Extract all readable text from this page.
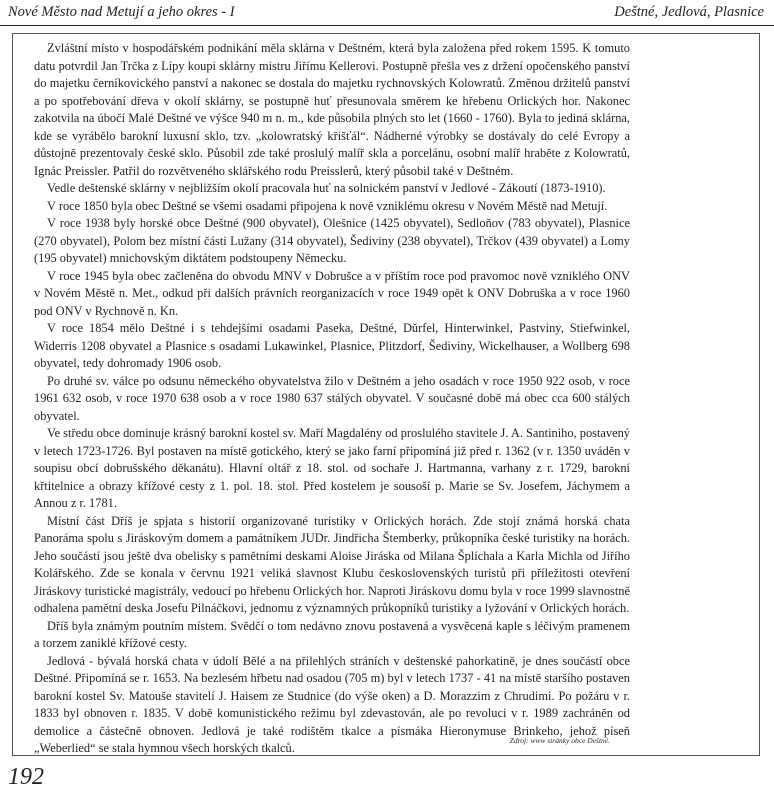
Nové Město nad Metují a jeho okres - I	Deštné, Jedlová, Plasnice

Zvláštní místo v hospodářském podnikání měla sklárna v Deštném, která byla založena před rokem 1595. K tomuto datu potvrdil Jan Trčka z Lípy koupi sklárny mistru Jiřímu Kellerovi. Postupně přešla ves z držení opočenského panství do majetku černíkovického panství a nakonec se dostala do majetku rychnovských Kolowratů. Změnou držitelů panství a po spotřebování dřeva v okolí sklárny, se postupně huť přesunovala směrem ke hřebenu Orlických hor. Nakonec zakotvila na úbočí Malé Deštné ve výšce 940 m n. m., kde působila plných sto let (1660 - 1760). Byla to jediná sklárna, kde se vyrábělo barokní luxusní sklo, tzv. „kolowratský křišťál“. Nádherné výrobky se dostávaly do celé Evropy a důstojně prezentovaly české sklo. Působil zde také proslulý malíř skla a porcelánu, osobní malíř hraběte z Kolowratů, Ignác Preissler. Patřil do rozvětveného sklářského rodu Preisslerů, který působil také v Deštném.

Vedle deštenské sklárny v nejbližším okolí pracovala huť na solnickém panství v Jedlové - Zákoutí (1873-1910).

V roce 1850 byla obec Deštné se všemi osadami připojena k nově vzniklému okresu v Novém Městě nad Metují.

V roce 1938 byly horské obce Deštné (900 obyvatel), Olešnice (1425 obyvatel), Sedloňov (783 obyvatel), Plasnice (270 obyvatel), Polom bez místní části Lužany (314 obyvatel), Šediviny (238 obyvatel), Trčkov (439 obyvatel) a Lomy (195 obyvatel) mnichovským diktátem podstoupeny Německu.

V roce 1945 byla obec začleněna do obvodu MNV v Dobrušce a v příštím roce pod pravomoc nově vzniklého ONV v Novém Městě n. Met., odkud při dalších právních reorganizacích v roce 1949 opět k ONV Dobruška a v roce 1960 pod ONV v Rychnově n. Kn.

V roce 1854 mělo Deštné i s tehdejšími osadami Paseka, Deštné, Dŭrfel, Hinterwinkel, Pastviny, Stiefwinkel, Widerris 1208 obyvatel a Plasnice s osadami Lukawinkel, Plasnice, Plitzdorf, Šediviny, Wickelhauser, a Wollberg 698 obyvatel, tedy dohromady 1906 osob.

Po druhé sv. válce po odsunu německého obyvatelstva žilo v Deštném a jeho osadách v roce 1950 922 osob, v roce 1961 632 osob, v roce 1970 638 osob a v roce 1980 637 stálých obyvatel. V současné době má obec cca 600 stálých obyvatel.

Ve středu obce dominuje krásný barokní kostel sv. Maří Magdalény od proslulého stavitele J. A. Santiniho, postavený v letech 1723-1726. Byl postaven na místě gotického, který se jako farní připomíná již před r. 1362 (v r. 1350 uváděn v soupisu obcí dobrušského děkanátu). Hlavní oltář z 18. stol. od sochaře J. Hartmanna, varhany z r. 1729, barokní křtitelnice a obrazy křížové cesty z 1. pol. 18. stol. Před kostelem je sousoší p. Marie se Sv. Josefem, Jáchymem a Annou z r. 1781.

Místní část Dříš je spjata s historií organizované turistiky v Orlických horách. Zde stojí známá horská chata Panoráma spolu s Jiráskovým domem a památníkem JUDr. Jindřicha Štemberky, průkopníka české turistiky na horách. Jeho součástí jsou ještě dva obelisky s pamětními deskami Aloise Jiráska od Milana Šplíchala a Karla Michla od Jiřího Kolářského. Zde se konala v červnu 1921 veliká slavnost Klubu československých turistů při příležitosti otevření Jiráskovy turistické magistrály, vedoucí po hřebenu Orlických hor. Naproti Jiráskovu domu byla v roce 1999 slavnostně odhalena pamětní deska Josefu Pilnáčkovi, jednomu z významných průkopníků turistiky a lyžování v Orlických horách.

Dříš byla známým poutním místem. Svědčí o tom nedávno znovu postavená a vysvěcená kaple s léčivým pramenem a torzem zaniklé křížové cesty.

Jedlová - bývalá horská chata v údolí Bělé a na přilehlých stráních v deštenské pahorkatině, je dnes součástí obce Deštné. Připomíná se r. 1653. Na bezlesém hřbetu nad osadou (705 m) byl v letech 1737 - 41 na místě staršího postaven barokní kostel Sv. Matouše stavitelí J. Haisem ze Studnice (do výše oken) a D. Morazzim z Chrudimi. Po požáru v r. 1833 byl obnoven r. 1835. V době komunistického režimu byl zdevastován, ale po revoluci v r. 1989 zachráněn od demolice a částečně obnoven. Jedlová je také rodištěm tkalce a písmáka Hieronymuse Brinkeho, jehož píseň „Weberlied“ se stala hymnou všech horských tkalců.

Zdroj: www stránky obce Deštné.
192
